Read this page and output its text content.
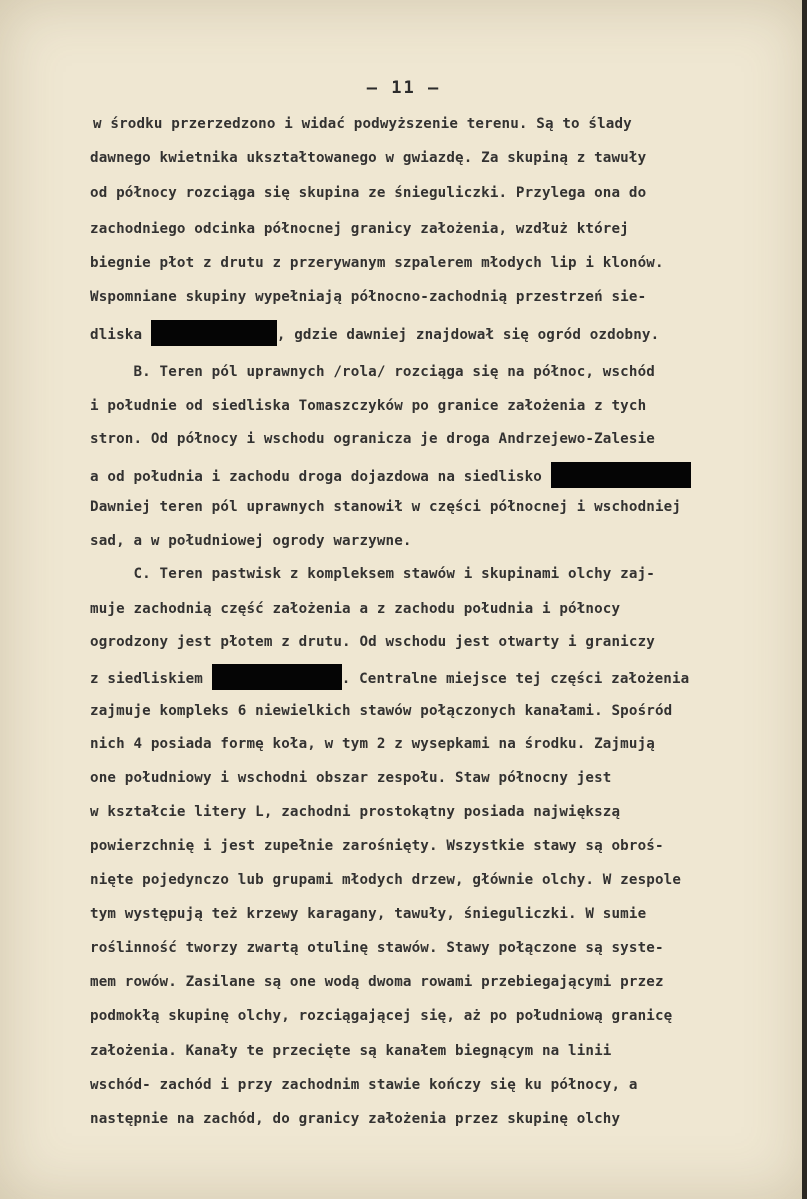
— 11 —
w środku przerzedzono i widać podwyższenie terenu. Są to ślady
dawnego kwietnika ukształtowanego w gwiazdę. Za skupiną z tawuły
od północy rozciąga się skupina ze śnieguliczki. Przylega ona do
zachodniego odcinka północnej granicy założenia, wzdłuż której
biegnie płot z drutu z przerywanym szpalerem młodych lip i klonów.
Wspomniane skupiny wypełniają północno-zachodnią przestrzeń sie-
dliska	, gdzie dawniej znajdował się ogród ozdobny.
B. Teren pól uprawnych /rola/ rozciąga się na północ, wschód
i południe od siedliska Tomaszczyków po granice założenia z tych
stron. Od północy i wschodu ogranicza je droga Andrzejewo-Zalesie
a od południa i zachodu droga dojazdowa na siedlisko
Dawniej teren pól uprawnych stanowił w części północnej i wschodniej
sad, a w południowej ogrody warzywne.
C. Teren pastwisk z kompleksem stawów i skupinami olchy zaj-
muje zachodnią część założenia a z zachodu południa i północy
ogrodzony jest płotem z drutu. Od wschodu jest otwarty i graniczy
z siedliskiem	. Centralne miejsce tej części założenia
zajmuje kompleks 6 niewielkich stawów połączonych kanałami. Spośród
nich 4 posiada formę koła, w tym 2 z wysepkami na środku. Zajmują
one południowy i wschodni obszar zespołu. Staw północny jest
w kształcie litery L, zachodni prostokątny posiada największą
powierzchnię i jest zupełnie zarośnięty. Wszystkie stawy są obroś-
nięte pojedynczo lub grupami młodych drzew, głównie olchy. W zespole
tym występują też krzewy karagany, tawuły, śnieguliczki. W sumie
roślinność tworzy zwartą otulinę stawów. Stawy połączone są syste-
mem rowów. Zasilane są one wodą dwoma rowami przebiegającymi przez
podmokłą skupinę olchy, rozciągającej się, aż po południową granicę
założenia. Kanały te przecięte są kanałem biegnącym na linii
wschód- zachód i przy zachodnim stawie kończy się ku północy, a
następnie na zachód, do granicy założenia przez skupinę olchy
